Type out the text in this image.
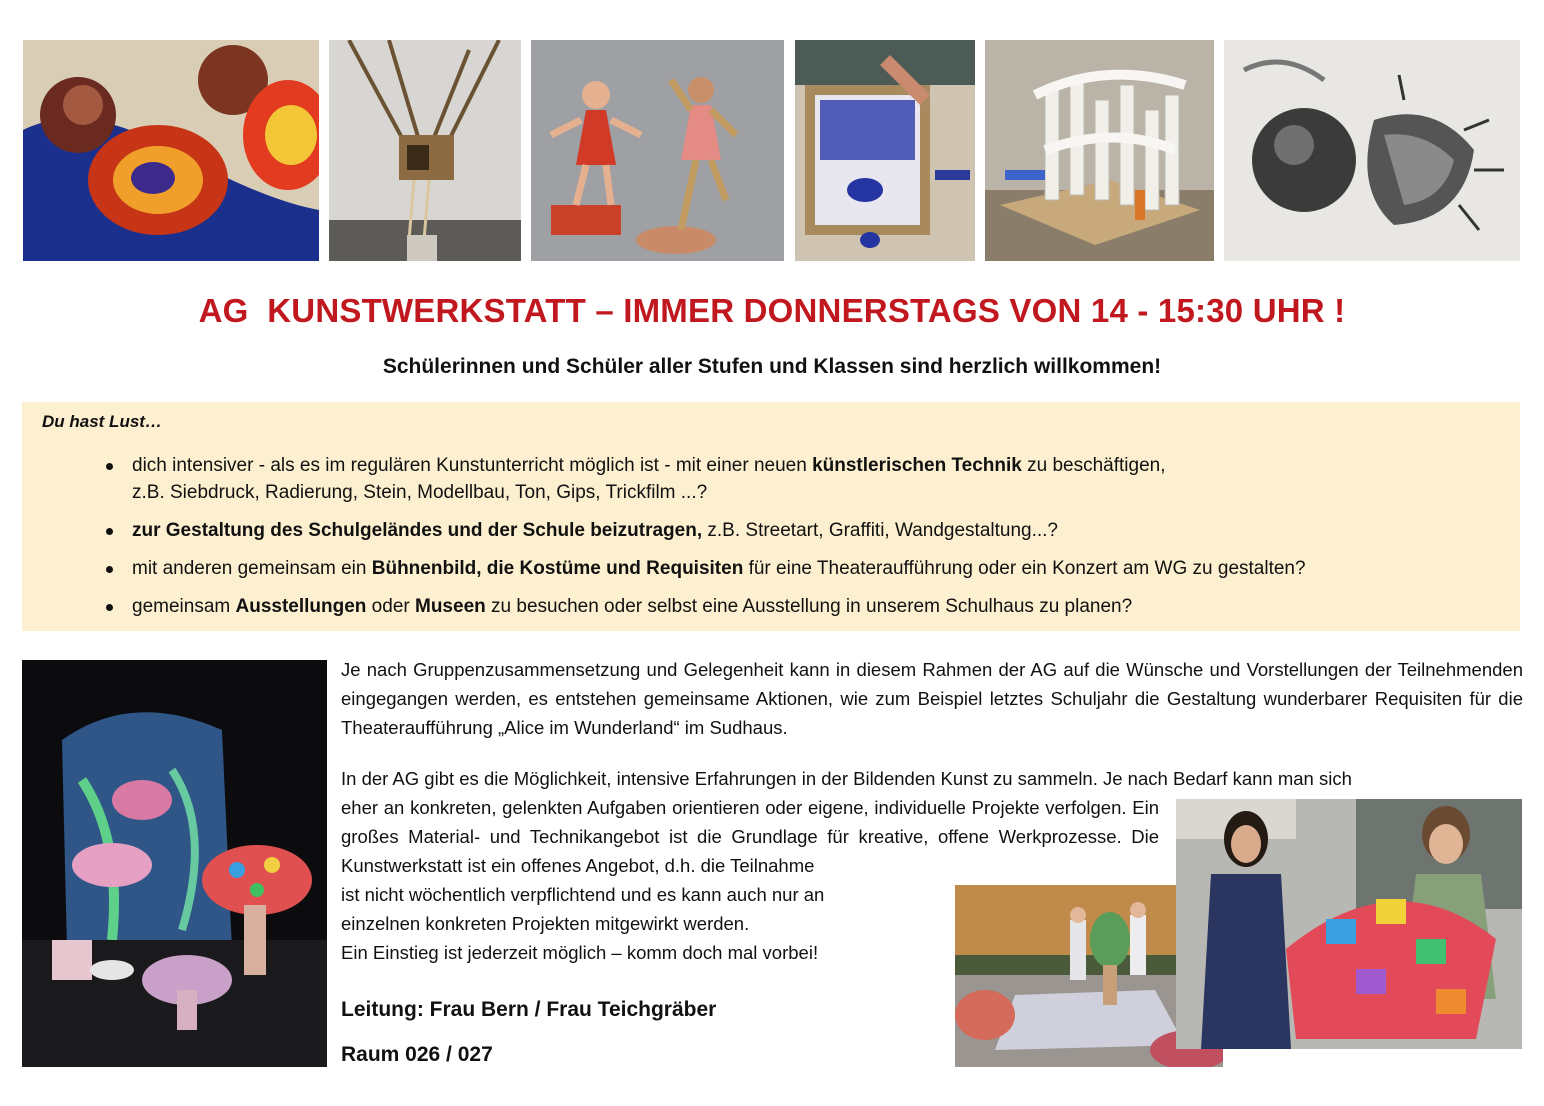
AG  KUNSTWERKSTATT – IMMER DONNERSTAGS VON 14 - 15:30 UHR !
Schülerinnen und Schüler aller Stufen und Klassen sind herzlich willkommen!
Du hast Lust…
dich intensiver - als es im regulären Kunstunterricht möglich ist - mit einer neuen künstlerischen Technik zu beschäftigen,
z.B. Siebdruck, Radierung, Stein, Modellbau, Ton, Gips, Trickfilm ...?
zur Gestaltung des Schulgeländes und der Schule beizutragen, z.B. Streetart, Graffiti, Wandgestaltung...?
mit anderen gemeinsam ein Bühnenbild, die Kostüme und Requisiten für eine Theateraufführung oder ein Konzert am WG zu gestalten?
gemeinsam Ausstellungen oder Museen zu besuchen oder selbst eine Ausstellung in unserem Schulhaus zu planen?
Je nach Gruppenzusammensetzung und Gelegenheit kann in diesem Rahmen der AG auf die Wünsche und Vorstellungen der Teilnehmenden eingegangen werden, es entstehen gemeinsame Aktionen, wie zum Beispiel letztes Schuljahr die Gestaltung wunderbarer Requisiten für die Theateraufführung „Alice im Wunderland“ im Sudhaus.
In der AG gibt es die Möglichkeit, intensive Erfahrungen in der Bildenden Kunst zu sammeln. Je nach Bedarf kann man sich
eher an konkreten, gelenkten Aufgaben orientieren oder eigene, individuelle Projekte verfolgen. Ein großes Material- und Technikangebot ist die Grundlage für kreative, offene Werkprozesse. Die Kunstwerkstatt ist ein offenes Angebot, d.h. die Teilnahme
ist nicht wöchentlich verpflichtend und es kann auch nur an
einzelnen konkreten Projekten mitgewirkt werden.
Ein Einstieg ist jederzeit möglich – komm doch mal vorbei!
Leitung: Frau Bern / Frau Teichgräber
Raum 026 / 027
